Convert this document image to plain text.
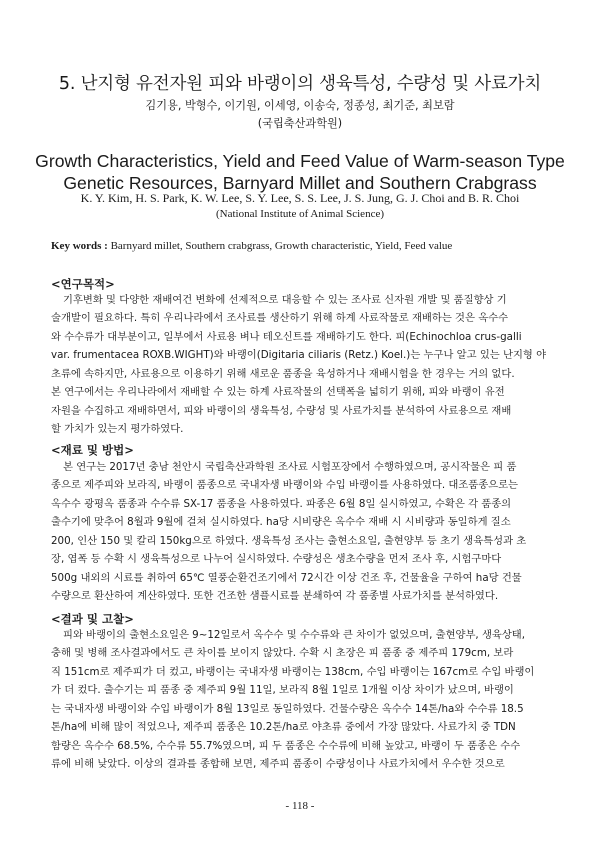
5. 난지형 유전자원 피와 바랭이의 생육특성, 수량성 및 사료가치
김기용, 박형수, 이기원, 이세영, 이송숙, 정종성, 최기준, 최보람
(국립축산과학원)
Growth Characteristics, Yield and Feed Value of Warm-season Type
Genetic Resources, Barnyard Millet and Southern Crabgrass
K. Y. Kim, H. S. Park, K. W. Lee, S. Y. Lee, S. S. Lee, J. S. Jung, G. J. Choi and B. R. Choi
(National Institute of Animal Science)
Key words : Barnyard millet, Southern crabgrass, Growth characteristic, Yield, Feed value
<연구목적>
기후변화 및 다양한 재배여건 변화에 선제적으로 대응할 수 있는 조사료 신자원 개발 및 품질향상 기
술개발이 필요하다. 특히 우리나라에서 조사료를 생산하기 위해 하계 사료작물로 재배하는 것은 옥수수
와 수수류가 대부분이고, 일부에서 사료용 벼나 테오신트를 재배하기도 한다. 피(Echinochloa crus-galli
var. frumentacea ROXB.WIGHT)와 바랭이(Digitaria ciliaris (Retz.) Koel.)는 누구나 알고 있는 난지형 야
초류에 속하지만, 사료용으로 이용하기 위해 새로운 품종을 육성하거나 재배시험을 한 경우는 거의 없다.
본 연구에서는 우리나라에서 재배할 수 있는 하계 사료작물의 선택폭을 넓히기 위해, 피와 바랭이 유전
자원을 수집하고 재배하면서, 피와 바랭이의 생육특성, 수량성 및 사료가치를 분석하여 사료용으로 재배
할 가치가 있는지 평가하였다.
<재료 및 방법>
본 연구는 2017년 충남 천안시 국립축산과학원 조사료 시험포장에서 수행하였으며, 공시작물은 피 품
종으로 제주피와 보라직, 바랭이 품종으로 국내자생 바랭이와 수입 바랭이를 사용하였다. 대조품종으로는
옥수수 광평옥 품종과 수수류 SX-17 품종을 사용하였다. 파종은 6월 8일 실시하였고, 수확은 각 품종의
출수기에 맞추어 8월과 9월에 걸쳐 실시하였다. ha당 시비량은 옥수수 재배 시 시비량과 동일하게 질소
200, 인산 150 및 칼리 150kg으로 하였다. 생육특성 조사는 출현소요일, 출현양부 등 초기 생육특성과 초
장, 엽폭 등 수확 시 생육특성으로 나누어 실시하였다. 수량성은 생초수량을 먼저 조사 후, 시험구마다
500g 내외의 시료를 취하여 65℃ 열풍순환건조기에서 72시간 이상 건조 후, 건물율을 구하여 ha당 건물
수량으로 환산하여 계산하였다. 또한 건조한 샘플시료를 분쇄하여 각 품종별 사료가치를 분석하였다.
<결과 및 고찰>
피와 바랭이의 출현소요일은 9~12일로서 옥수수 및 수수류와 큰 차이가 없었으며, 출현양부, 생육상태,
충해 및 병해 조사결과에서도 큰 차이를 보이지 않았다. 수확 시 초장은 피 품종 중 제주피 179cm, 보라
직 151cm로 제주피가 더 컸고, 바랭이는 국내자생 바랭이는 138cm, 수입 바랭이는 167cm로 수입 바랭이
가 더 컸다. 출수기는 피 품종 중 제주피 9월 11일, 보라직 8월 1일로 1개월 이상 차이가 났으며, 바랭이
는 국내자생 바랭이와 수입 바랭이가 8월 13일로 동일하였다. 건물수량은 옥수수 14톤/ha와 수수류 18.5
톤/ha에 비해 많이 적었으나, 제주피 품종은 10.2톤/ha로 야초류 중에서 가장 많았다. 사료가치 중 TDN
함량은 옥수수 68.5%, 수수류 55.7%였으며, 피 두 품종은 수수류에 비해 높았고, 바랭이 두 품종은 수수
류에 비해 낮았다. 이상의 결과를 종합해 보면, 제주피 품종이 수량성이나 사료가치에서 우수한 것으로
- 118 -
